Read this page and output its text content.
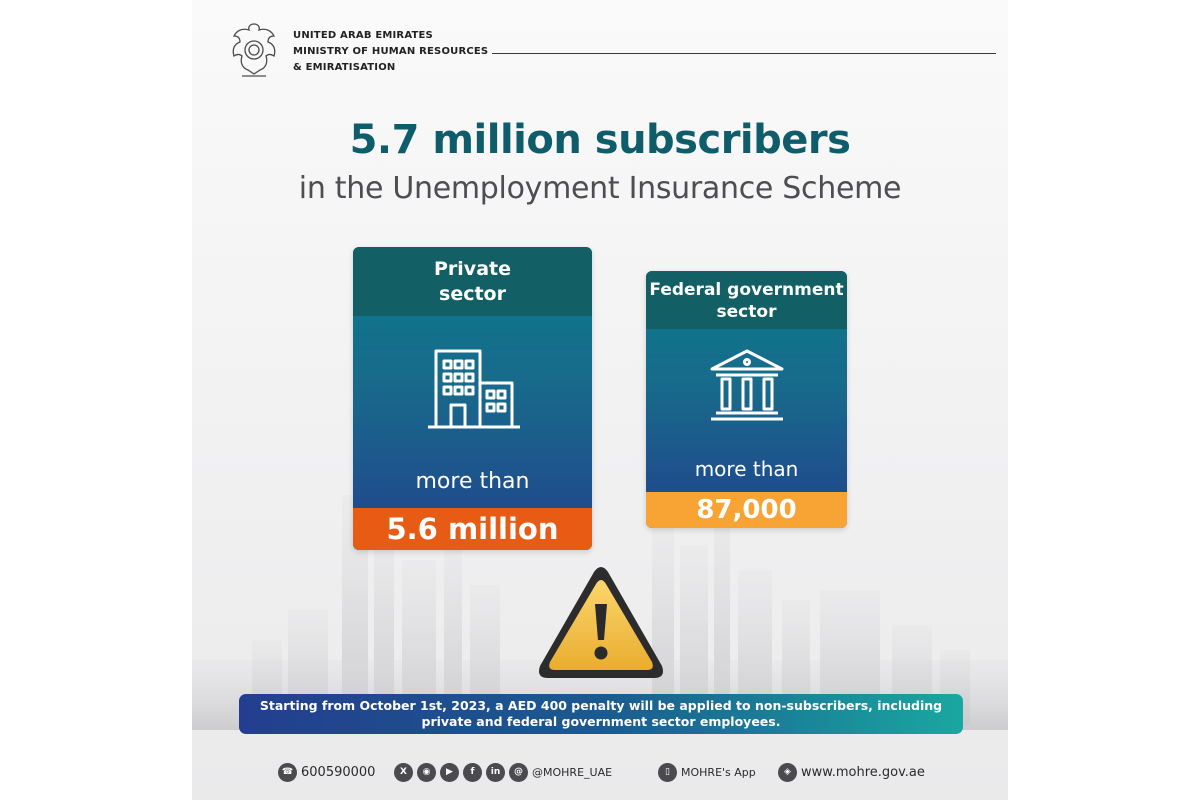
UNITED ARAB EMIRATES
MINISTRY OF HUMAN RESOURCES
& EMIRATISATION
5.7 million subscribers
in the Unemployment Insurance Scheme
Private
sector
more than
5.6 million
Federal government
sector
more than
87,000
Starting from October 1st, 2023, a AED 400 penalty will be applied to non-subscribers, including
private and federal government sector employees.
☎ 600590000	X	◉	▶	f	in	@ @MOHRE_UAE	▯	MOHRE's App	◈ www.mohre.gov.ae
